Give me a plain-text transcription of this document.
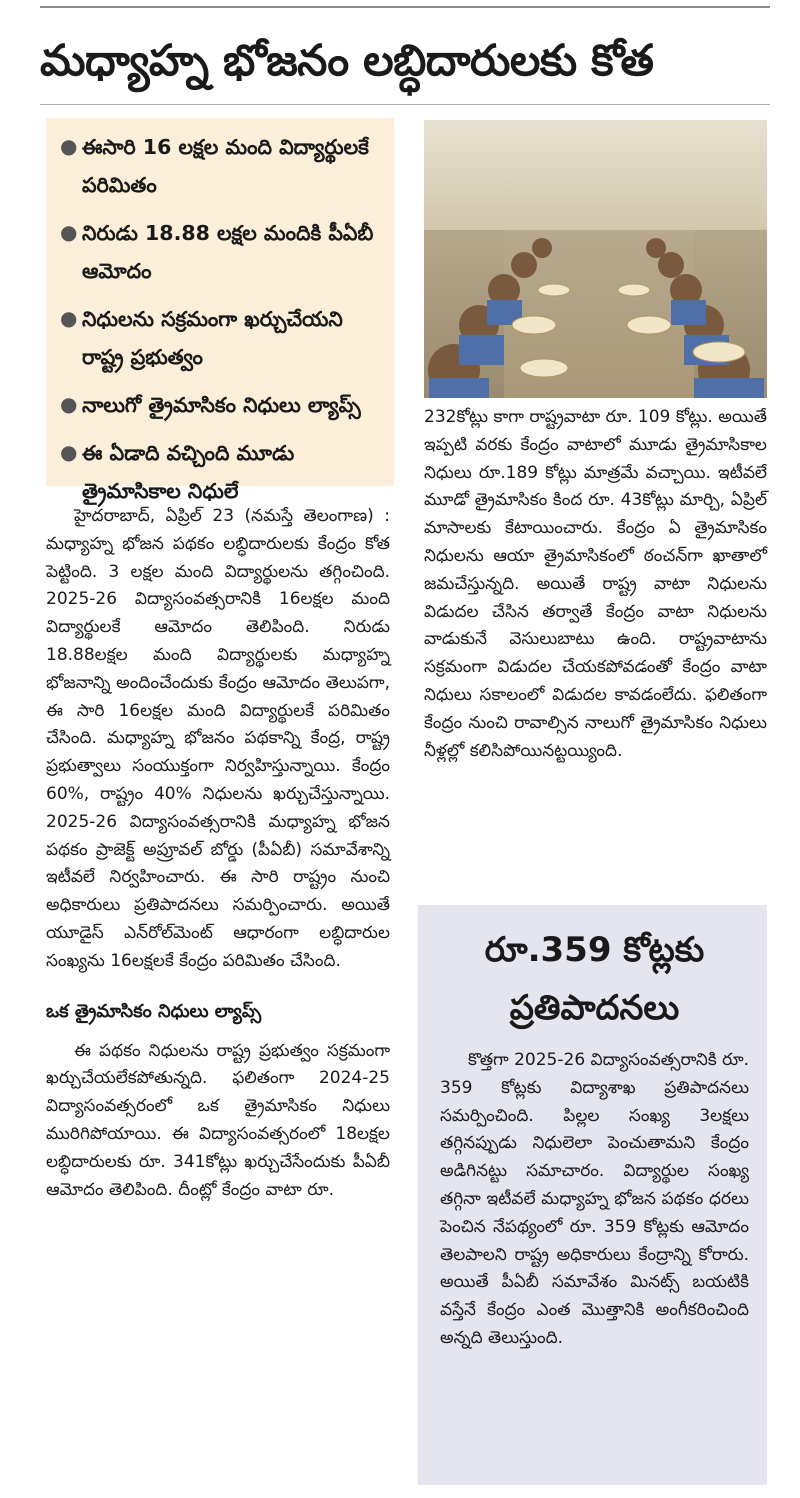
మధ్యాహ్న భోజనం లబ్ధిదారులకు కోత
● ఈసారి 16 లక్షల మంది విద్యార్థులకే పరిమితం
● నిరుడు 18.88 లక్షల మందికి పీఏబీ ఆమోదం
● నిధులను సక్రమంగా ఖర్చుచేయని రాష్ట్ర ప్రభుత్వం
● నాలుగో త్రైమాసికం నిధులు ల్యాప్స్
● ఈ ఏడాది వచ్చింది మూడు త్రైమాసికాల నిధులే

హైదరాబాద్, ఏప్రిల్ 23 (నమస్తే తెలంగాణ) : మధ్యాహ్న భోజన పథకం లబ్ధిదారులకు కేంద్రం కోత పెట్టింది. 3 లక్షల మంది విద్యార్థులను తగ్గించింది. 2025-26 విద్యాసంవత్సరానికి 16లక్షల మంది విద్యార్థులకే ఆమోదం తెలిపింది. నిరుడు 18.88లక్షల మంది విద్యార్థులకు మధ్యాహ్న భోజనాన్ని అందించేందుకు కేంద్రం ఆమోదం తెలుపగా, ఈ సారి 16లక్షల మంది విద్యార్థులకే పరిమితం చేసింది. మధ్యాహ్న భోజనం పథకాన్ని కేంద్ర, రాష్ట్ర ప్రభుత్వాలు సంయుక్తంగా నిర్వహిస్తున్నాయి. కేంద్రం 60%, రాష్ట్రం 40% నిధులను ఖర్చుచేస్తున్నాయి. 2025-26 విద్యాసంవత్సరానికి మధ్యాహ్న భోజన పథకం ప్రాజెక్ట్ అప్రూవల్ బోర్డు (పీఏబీ) సమావేశాన్ని ఇటీవలే నిర్వహించారు. ఈ సారి రాష్ట్రం నుంచి అధికారులు ప్రతిపాదనలు సమర్పించారు. అయితే యూడైస్ ఎన్‌రోల్‌మెంట్ ఆధారంగా లబ్ధిదారుల సంఖ్యను 16లక్షలకే కేంద్రం పరిమితం చేసింది.

ఒక త్రైమాసికం నిధులు ల్యాప్స్

ఈ పథకం నిధులను రాష్ట్ర ప్రభుత్వం సక్రమంగా ఖర్చుచేయలేకపోతున్నది. ఫలితంగా 2024-25 విద్యాసంవత్సరంలో ఒక త్రైమాసికం నిధులు మురిగిపోయాయి. ఈ విద్యాసంవత్సరంలో 18లక్షల లబ్ధిదారులకు రూ. 341కోట్లు ఖర్చుచేసేందుకు పీఏబీ ఆమోదం తెలిపింది. దీంట్లో కేంద్రం వాటా రూ.

232కోట్లు కాగా రాష్ట్రవాటా రూ. 109 కోట్లు. అయితే ఇప్పటి వరకు కేంద్రం వాటాలో మూడు త్రైమాసికాల నిధులు రూ.189 కోట్లు మాత్రమే వచ్చాయి. ఇటీవలే మూడో త్రైమాసికం కింద రూ. 43కోట్లు మార్చి, ఏప్రిల్ మాసాలకు కేటాయించారు. కేంద్రం ఏ త్రైమాసికం నిధులను ఆయా త్రైమాసికంలో ఠంచన్‌గా ఖాతాలో జమచేస్తున్నది. అయితే రాష్ట్ర వాటా నిధులను విడుదల చేసిన తర్వాతే కేంద్రం వాటా నిధులను వాడుకునే వెసులుబాటు ఉంది. రాష్ట్రవాటాను సక్రమంగా విడుదల చేయకపోవడంతో కేంద్రం వాటా నిధులు సకాలంలో విడుదల కావడంలేదు. ఫలితంగా కేంద్రం నుంచి రావాల్సిన నాలుగో త్రైమాసికం నిధులు నీళ్లల్లో కలిసిపోయినట్టయ్యింది.

రూ.359 కోట్లకు ప్రతిపాదనలు

కొత్తగా 2025-26 విద్యాసంవత్సరానికి రూ. 359 కోట్లకు విద్యాశాఖ ప్రతిపాదనలు సమర్పించింది. పిల్లల సంఖ్య 3లక్షలు తగ్గినప్పుడు నిధులెలా పెంచుతామని కేంద్రం అడిగినట్టు సమాచారం. విద్యార్థుల సంఖ్య తగ్గినా ఇటీవలే మధ్యాహ్న భోజన పథకం ధరలు పెంచిన నేపథ్యంలో రూ. 359 కోట్లకు ఆమోదం తెలపాలని రాష్ట్ర అధికారులు కేంద్రాన్ని కోరారు. అయితే పీఏబీ సమావేశం మినట్స్ బయటికి వస్తేనే కేంద్రం ఎంత మొత్తానికి అంగీకరించింది అన్నది తెలుస్తుంది.
